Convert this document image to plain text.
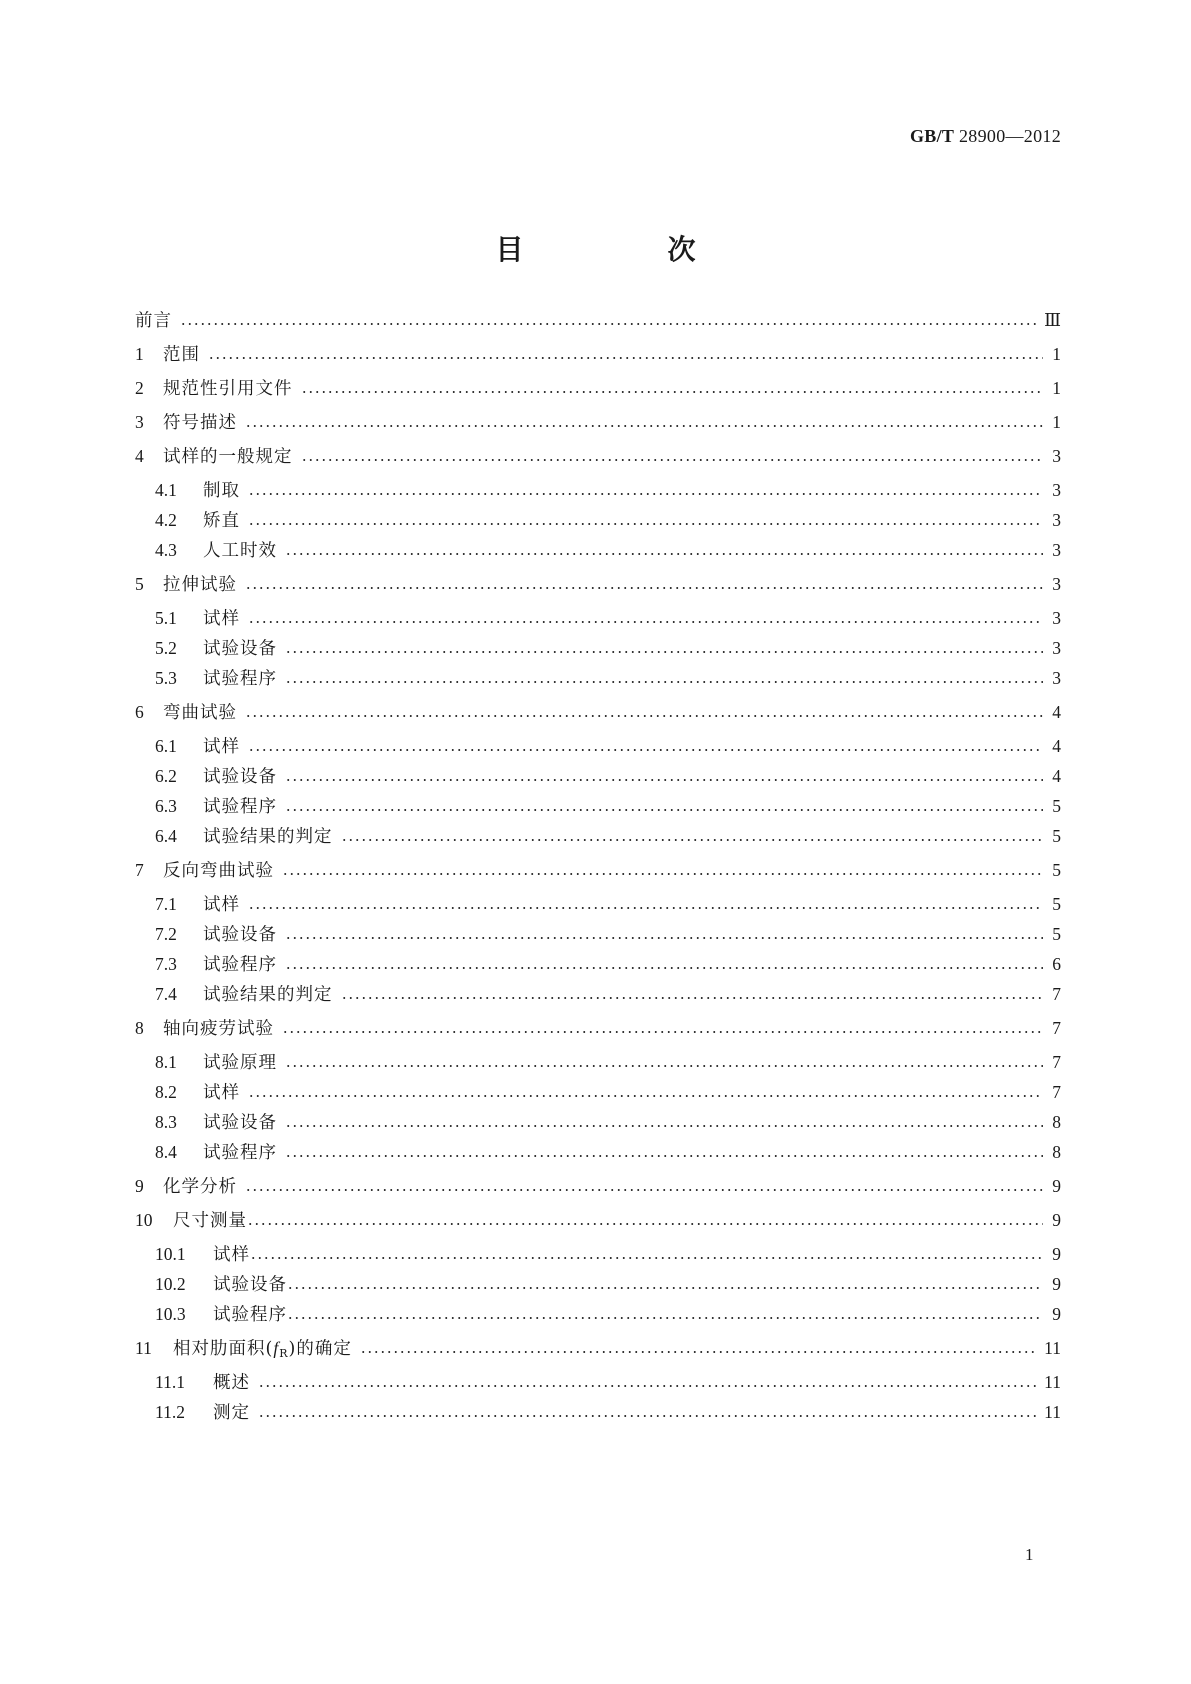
GB/T 28900—2012
目　次
前言	Ⅲ
1	范围	1
2	规范性引用文件	1
3	符号描述	1
4	试样的一般规定	3
4.1	制取	3
4.2	矫直	3
4.3	人工时效	3
5	拉伸试验	3
5.1	试样	3
5.2	试验设备	3
5.3	试验程序	3
6	弯曲试验	4
6.1	试样	4
6.2	试验设备	4
6.3	试验程序	5
6.4	试验结果的判定	5
7	反向弯曲试验	5
7.1	试样	5
7.2	试验设备	5
7.3	试验程序	6
7.4	试验结果的判定	7
8	轴向疲劳试验	7
8.1	试验原理	7
8.2	试样	7
8.3	试验设备	8
8.4	试验程序	8
9	化学分析	9
10	尺寸测量	9
10.1	试样	9
10.2	试验设备	9
10.3	试验程序	9
11	相对肋面积$(f_R)$的确定	11
11.1	概述	11
11.2	测定	11
1
